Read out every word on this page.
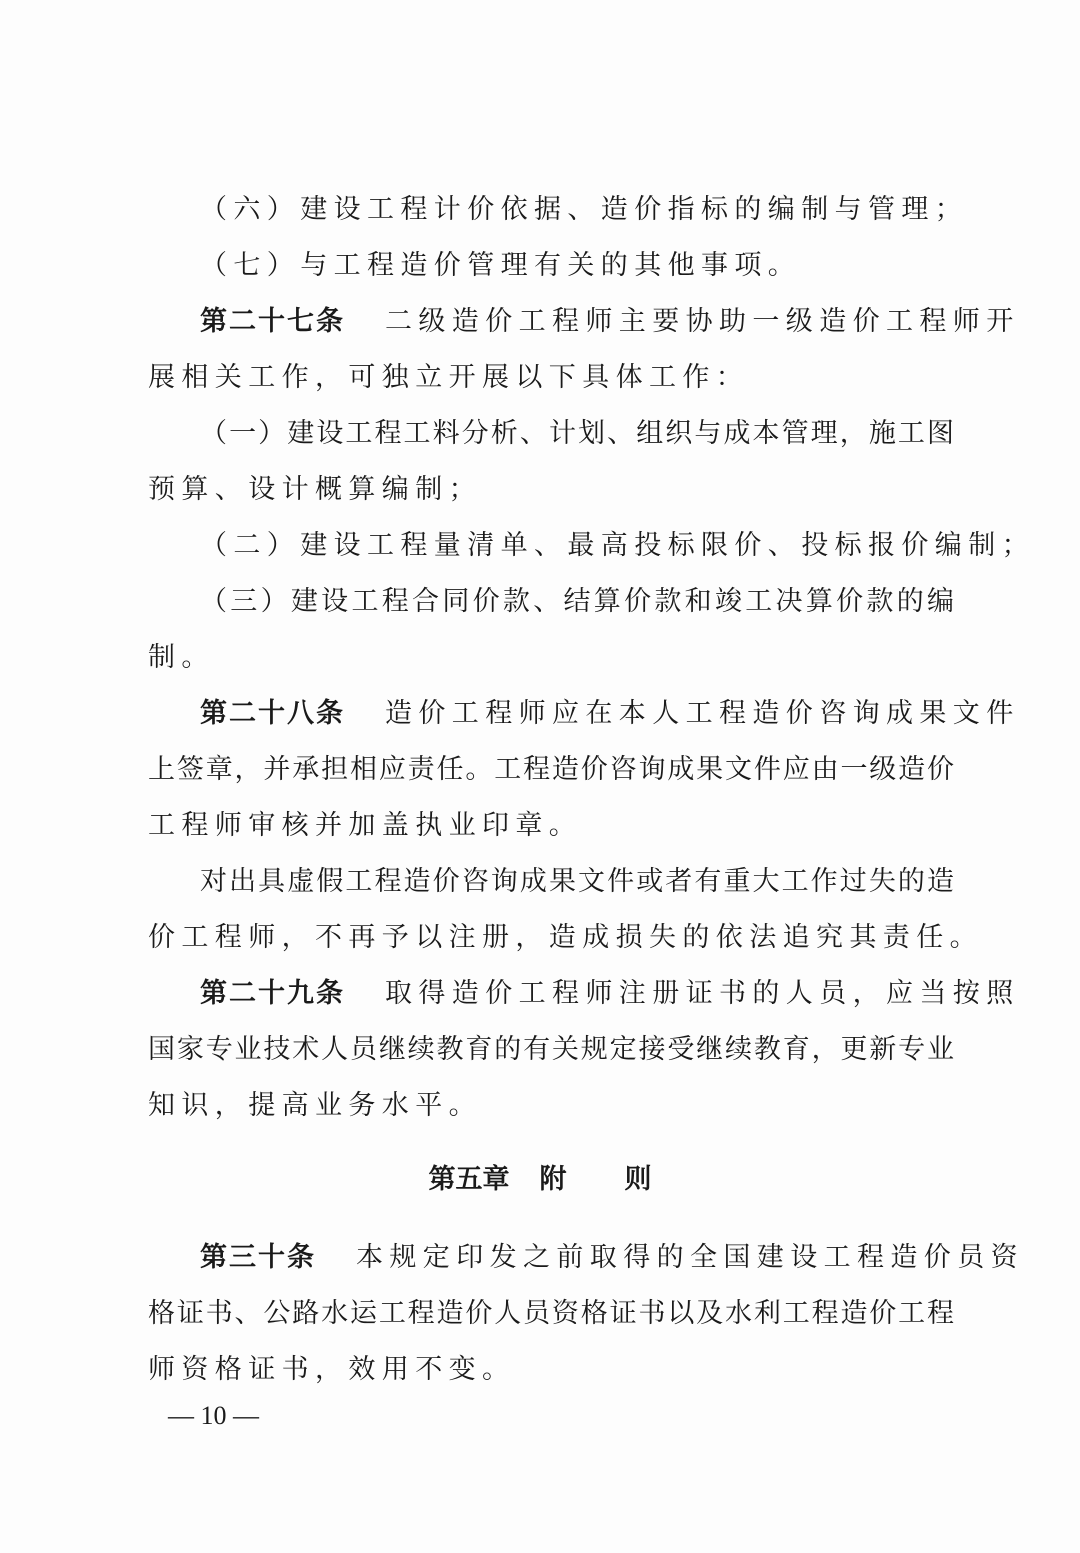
（六）建设工程计价依据、造价指标的编制与管理；
（七）与工程造价管理有关的其他事项。
第二十七条 二级造价工程师主要协助一级造价工程师开
展相关工作，可独立开展以下具体工作：
（一）建设工程工料分析、计划、组织与成本管理，施工图
预算、设计概算编制；
（二）建设工程量清单、最高投标限价、投标报价编制；
（三）建设工程合同价款、结算价款和竣工决算价款的编
制。
第二十八条 造价工程师应在本人工程造价咨询成果文件
上签章，并承担相应责任。工程造价咨询成果文件应由一级造价
工程师审核并加盖执业印章。
对出具虚假工程造价咨询成果文件或者有重大工作过失的造
价工程师，不再予以注册，造成损失的依法追究其责任。
第二十九条 取得造价工程师注册证书的人员，应当按照
国家专业技术人员继续教育的有关规定接受继续教育，更新专业
知识，提高业务水平。
第五章 附 则
第三十条 本规定印发之前取得的全国建设工程造价员资
格证书、公路水运工程造价人员资格证书以及水利工程造价工程
师资格证书，效用不变。
— 10 —
